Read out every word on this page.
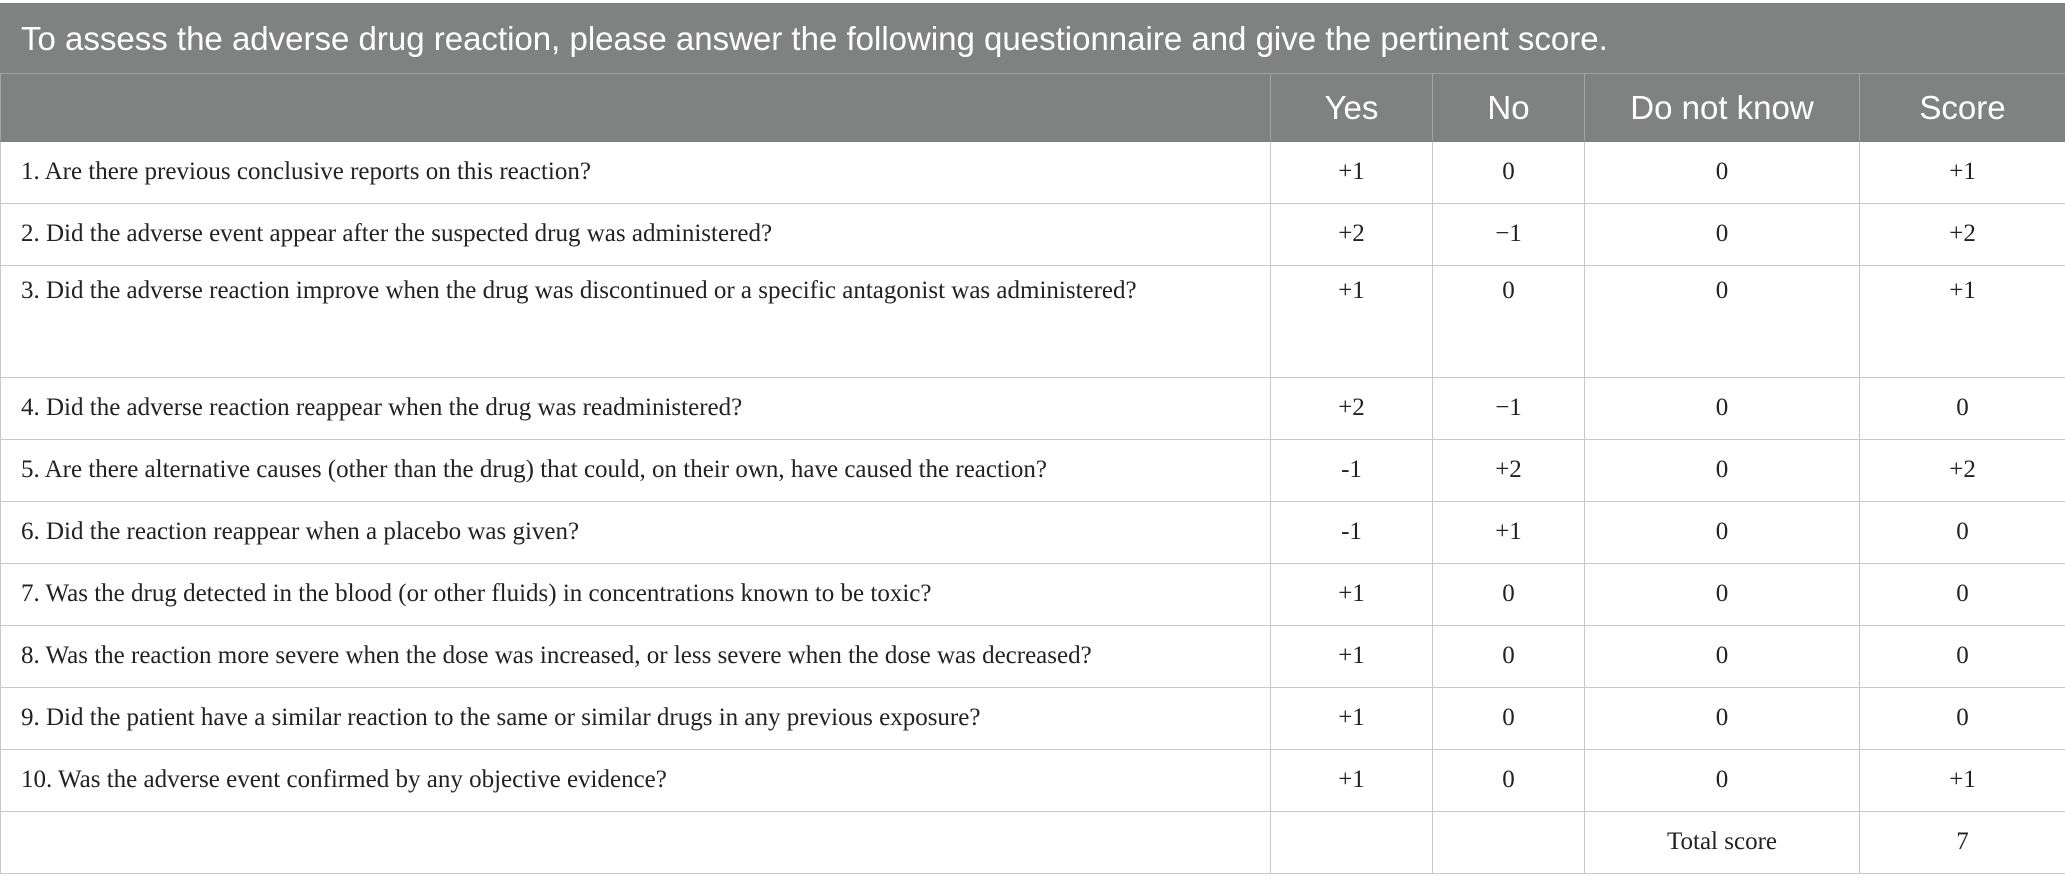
To assess the adverse drug reaction, please answer the following questionnaire and give the pertinent score.				
	Yes	No	Do not know	Score

1. Are there previous conclusive reports on this reaction?	+1	0	0	+1

2. Did the adverse event appear after the suspected drug was administered?	+2	−1	0	+2

3. Did the adverse reaction improve when the drug was discontinued or a specific antagonist was administered?	+1	0	0	+1

4. Did the adverse reaction reappear when the drug was readministered?	+2	−1	0	0

5. Are there alternative causes (other than the drug) that could, on their own, have caused the reaction?	-1	+2	0	+2

6. Did the reaction reappear when a placebo was given?	-1	+1	0	0

7. Was the drug detected in the blood (or other fluids) in concentrations known to be toxic?	+1	0	0	0

8. Was the reaction more severe when the dose was increased, or less severe when the dose was decreased?	+1	0	0	0

9. Did the patient have a similar reaction to the same or similar drugs in any previous exposure?	+1	0	0	0

10. Was the adverse event confirmed by any objective evidence?	+1	0	0	+1
			Total score	7
